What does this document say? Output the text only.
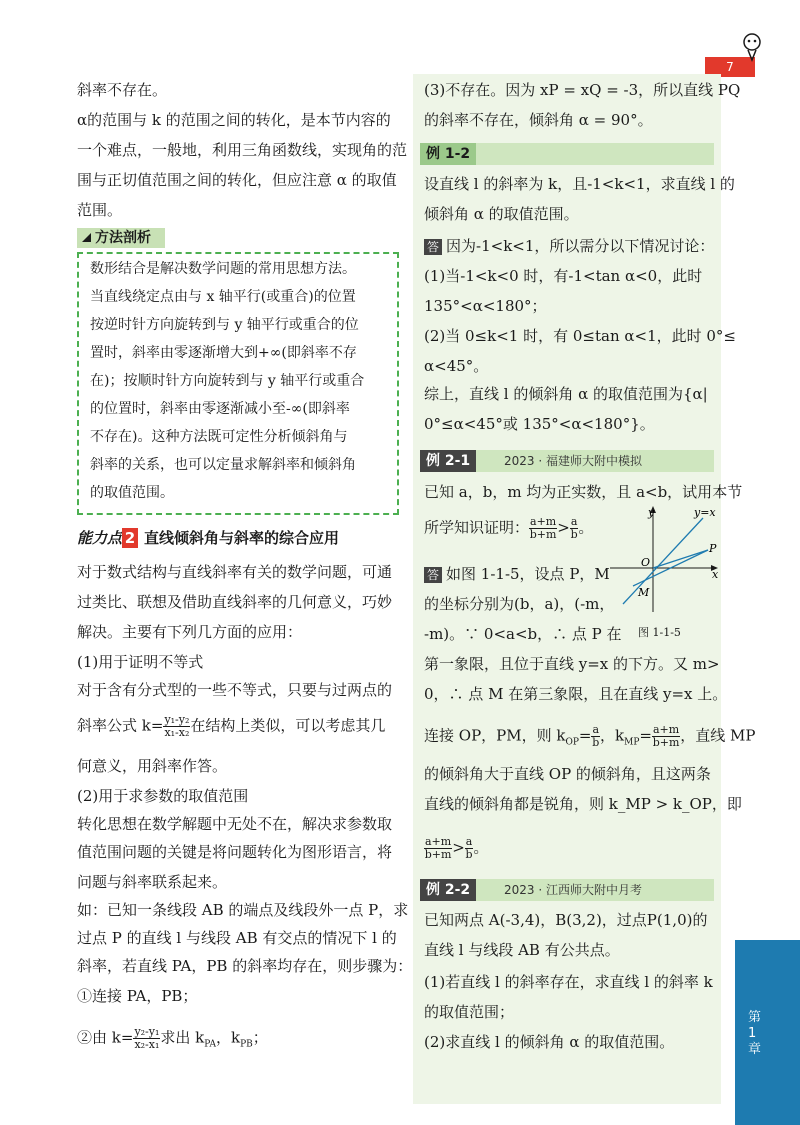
7
第1章
斜率不存在。
α的范围与 k 的范围之间的转化，是本节内容的
一个难点，一般地，利用三角函数线，实现角的范
围与正切值范围之间的转化，但应注意 α 的取值
范围。
方法剖析
数形结合是解决数学问题的常用思想方法。
当直线绕定点由与 x 轴平行(或重合)的位置
按逆时针方向旋转到与 y 轴平行或重合的位
置时，斜率由零逐渐增大到+∞(即斜率不存
在)；按顺时针方向旋转到与 y 轴平行或重合
的位置时，斜率由零逐渐减小至-∞(即斜率
不存在)。这种方法既可定性分析倾斜角与
斜率的关系，也可以定量求解斜率和倾斜角
的取值范围。
能力点 2 直线倾斜角与斜率的综合应用
对于数式结构与直线斜率有关的数学问题，可通
过类比、联想及借助直线斜率的几何意义，巧妙
解决。主要有下列几方面的应用：
(1)用于证明不等式
对于含有分式型的一些不等式，只要与过两点的
斜率公式 $k= \frac{\text{y₁-y₂}}{\text{x₁-x₂}}$ 在结构上类似，可以考虑其几
何意义，用斜率作答。
(2)用于求参数的取值范围
转化思想在数学解题中无处不在，解决求参数取
值范围问题的关键是将问题转化为图形语言，将
问题与斜率联系起来。
如：已知一条线段 AB 的端点及线段外一点 P，求
过点 P 的直线 l 与线段 AB 有交点的情况下 l 的
斜率，若直线 PA，PB 的斜率均存在，则步骤为：
①连接 PA，PB；
②由 $k= \frac{\text{y₂-y₁}}{\text{x₂-x₁}}$ 求出 $k_{PA}$，$k_{PB}$；
(3)不存在。因为 xP = xQ = -3，所以直线 PQ
的斜率不存在，倾斜角 α = 90°。
例 1-2
设直线 l 的斜率为 k，且-1<k<1，求直线 l 的
倾斜角 α 的取值范围。
答 因为-1<k<1，所以需分以下情况讨论：
(1)当-1<k<0 时，有-1<tan α<0，此时
135°<α<180°；
(2)当 0≤k<1 时，有 0≤tan α<1，此时 0°≤
α<45°。
综上，直线 l 的倾斜角 α 的取值范围为{α|
0°≤α<45°或 135°<α<180°}。
例 2-1	2023 · 福建师大附中模拟
已知 a，b，m 均为正实数，且 a<b，试用本节
所学知识证明： $\frac{a+m}{b+m} > \frac{a}{b}$ 。
答 如图 1-1-5，设点 P，M
的坐标分别为(b，a)，(-m，
-m)。∵ 0<a<b，∴ 点 P 在
y	y=x
O
P
x
M
图 1-1-5
第一象限，且位于直线 y=x 的下方。又 m>
0，∴ 点 M 在第三象限，且在直线 y=x 上。
连接 OP，PM，则 $k_{OP}= \frac{a}{b}$ ，$k_{MP}= \frac{a+m}{b+m}$ ，直线 MP
的倾斜角大于直线 OP 的倾斜角，且这两条
直线的倾斜角都是锐角，则 k_MP > k_OP，即
$\frac{a+m}{b+m} > \frac{a}{b}$ 。
例 2-2	2023 · 江西师大附中月考
已知两点 A(-3,4)，B(3,2)，过点P(1,0)的
直线 l 与线段 AB 有公共点。
(1)若直线 l 的斜率存在，求直线 l 的斜率 k
的取值范围；
(2)求直线 l 的倾斜角 α 的取值范围。
